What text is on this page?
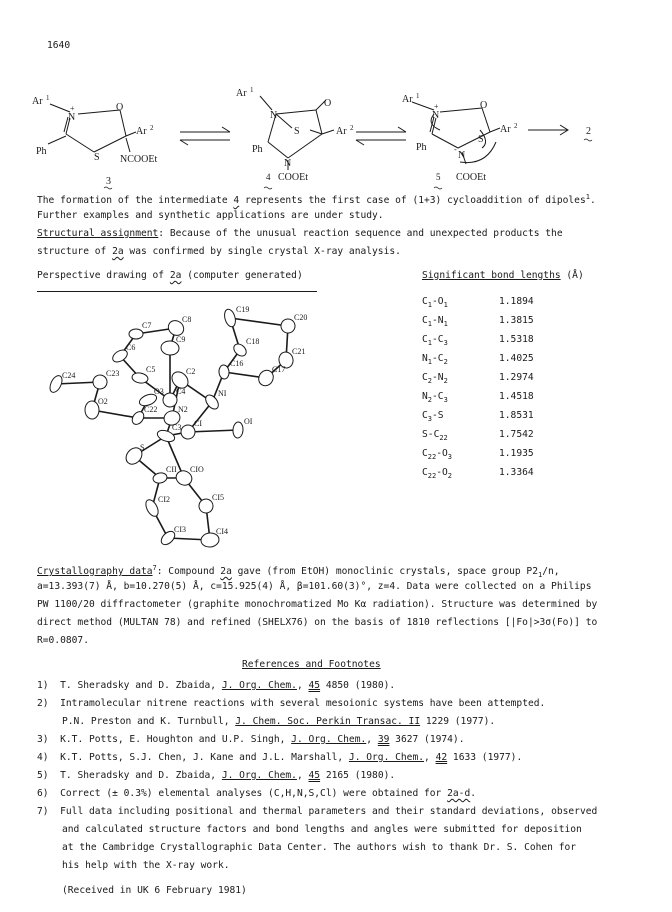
1640
Ar 1
N
+	O
S
Ar 2
Ph
NCOOEt
3
Ar 1
N
O
S
Ph
N
Ar 2
COOEt
Ar 1
N
+	O
S
Ar 2
Ph
N
-
COOEt
2
4	5
The formation of the intermediate 4 represents the first case of (1+3) cycloaddition of dipoles$^1$.
Further examples and synthetic applications are under study.
Structural assignment: Because of the unusual reaction sequence and unexpected products the
structure of 2a was confirmed by single crystal X-ray analysis.
Perspective drawing of 2a (computer generated)	Significant bond lengths (Å)
C7
C8
C19
C20
C6
C9	C18
C21
C24	C23	C5	C2
C16
C17
O3 C4	NI
O2
C22	N2
C3 CI	OI
S
CII CIO
CI2	CI5
CI3	CI4
$C_1-O_1$	1.1894
$C_1-N_1$	1.3815
$C_1-C_3$	1.5318
$N_1-C_2$	1.4025
$C_2-N_2$	1.2974
$N_2-C_3$	1.4518
$C_3-S$	1.8531
$S-C_{22}$	1.7542
$C_{22}-O_3$	1.1935
$C_{22}-O_2$	1.3364
Crystallography data$^7$: Compound 2a gave (from EtOH) monoclinic crystals, space group $P2_1/n$,
a=13.393(7) Å, b=10.270(5) Å, c=15.925(4) Å, β=101.60(3)°, z=4. Data were collected on a Philips
PW 1100/20 diffractometer (graphite monochromatized Mo Kα radiation). Structure was determined by
direct method (MULTAN 78) and refined (SHELX76) on the basis of 1810 reflections [|Fo|>3σ(Fo)] to
R=0.0807.
References and Footnotes
1) T. Sheradsky and D. Zbaida, J. Org. Chem., 45 4850 (1980).
2) Intramolecular nitrene reactions with several mesoionic systems have been attempted.
P.N. Preston and K. Turnbull, J. Chem. Soc. Perkin Transac. II 1229 (1977).
3) K.T. Potts, E. Houghton and U.P. Singh, J. Org. Chem., 39 3627 (1974).
4) K.T. Potts, S.J. Chen, J. Kane and J.L. Marshall, J. Org. Chem., 42 1633 (1977).
5) T. Sheradsky and D. Zbaida, J. Org. Chem., 45 2165 (1980).
6) Correct (± 0.3%) elemental analyses (C,H,N,S,Cl) were obtained for 2a-d.
7) Full data including positional and thermal parameters and their standard deviations, observed
and calculated structure factors and bond lengths and angles were submitted for deposition
at the Cambridge Crystallographic Data Center. The authors wish to thank Dr. S. Cohen for
his help with the X-ray work.
(Received in UK 6 February 1981)
